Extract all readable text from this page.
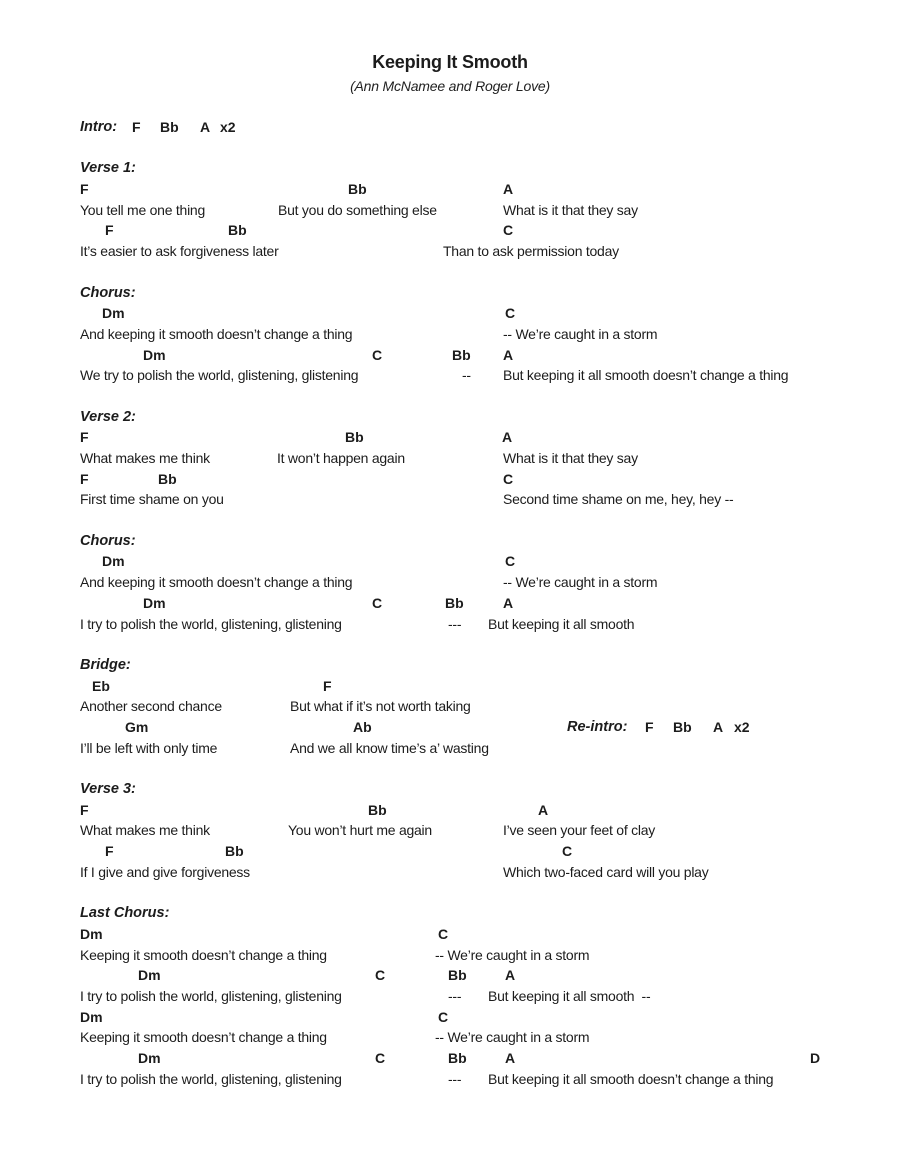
Keeping It Smooth
(Ann McNamee and Roger Love)
Intro: F Bb A x2
Verse 1:
F	Bb	A
You tell me one thing	But you do something else	What is it that they say
F	Bb	C
It’s easier to ask forgiveness later	Than to ask permission today
Chorus:
Dm	C
And keeping it smooth doesn’t change a thing	-- We’re caught in a storm
Dm	C	Bb A
We try to polish the world, glistening, glistening	-- But keeping it all smooth doesn’t change a thing
Verse 2:
F	Bb	A
What makes me think	It won’t happen again	What is it that they say
F	Bb	C
First time shame on you	Second time shame on me, hey, hey --
Chorus:
Dm	C
And keeping it smooth doesn’t change a thing	-- We’re caught in a storm
Dm	C	Bb	A
I try to polish the world, glistening, glistening	--- But keeping it all smooth
Bridge:
Eb	F
Another second chance	But what if it’s not worth taking
Gm	Ab	Re-intro: F Bb A x2
I’ll be left with only time	And we all know time’s a’ wasting
Verse 3:
F	Bb	A
What makes me think	You won’t hurt me again	I’ve seen your feet of clay
F	Bb	C
If I give and give forgiveness	Which two-faced card will you play
Last Chorus:
Dm	C
Keeping it smooth doesn’t change a thing	-- We’re caught in a storm
Dm	C	Bb	A
I try to polish the world, glistening, glistening	--- But keeping it all smooth  --
Dm	C
Keeping it smooth doesn’t change a thing	-- We’re caught in a storm
Dm	C	Bb	A	D
I try to polish the world, glistening, glistening	--- But keeping it all smooth doesn’t change a thing
